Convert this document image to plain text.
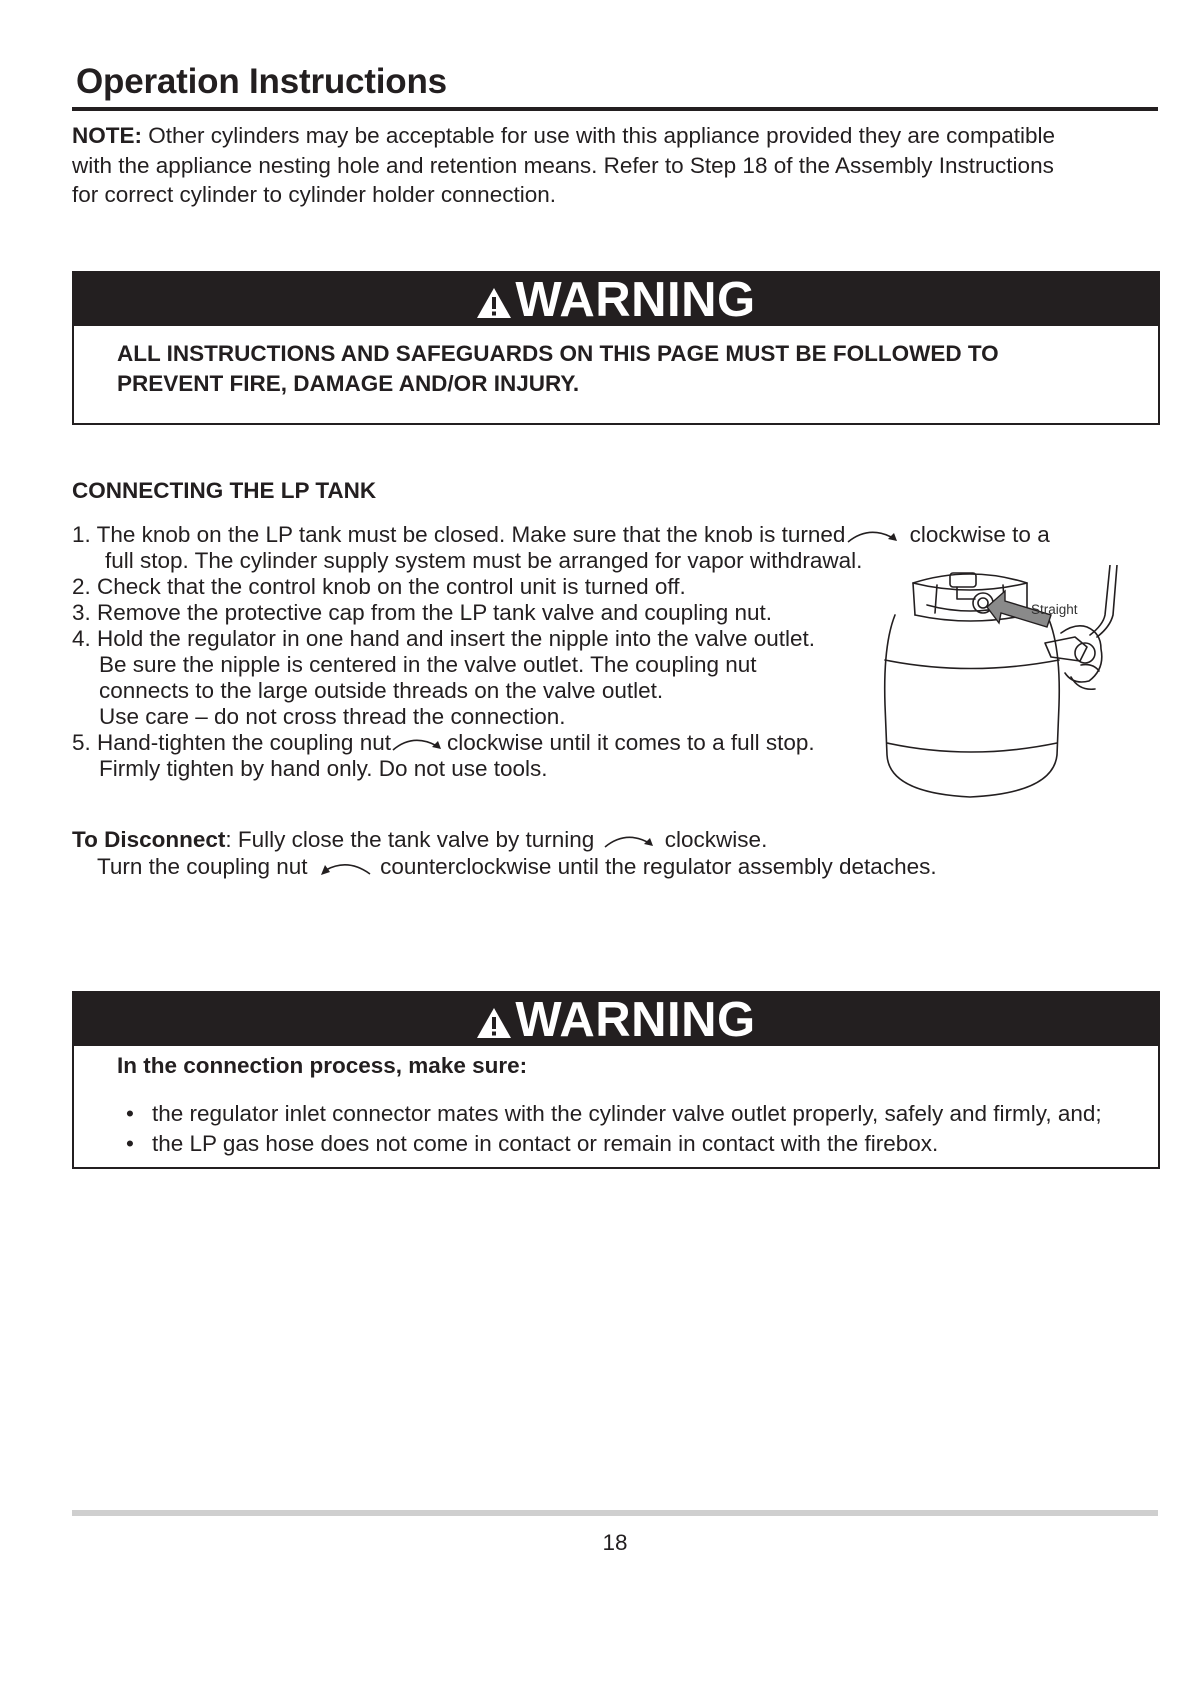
Operation Instructions
NOTE: Other cylinders may be acceptable for use with this appliance provided they are compatible
with the appliance nesting hole and retention means. Refer to Step 18 of the Assembly Instructions
for correct cylinder to cylinder holder connection.
WARNING
ALL INSTRUCTIONS AND SAFEGUARDS ON THIS PAGE MUST BE FOLLOWED TO
PREVENT FIRE, DAMAGE AND/OR INJURY.
CONNECTING THE LP TANK
1. The knob on the LP tank must be closed. Make sure that the knob is turned	clockwise to a
full stop. The cylinder supply system must be arranged for vapor withdrawal.
2. Check that the control knob on the control unit is turned off.
3. Remove the protective cap from the LP tank valve and coupling nut.
4. Hold the regulator in one hand and insert the nipple into the valve outlet.
Be sure the nipple is centered in the valve outlet. The coupling nut
connects to the large outside threads on the valve outlet.
Use care – do not cross thread the connection.
5. Hand-tighten the coupling nut clockwise until it comes to a full stop.
Firmly tighten by hand only. Do not use tools.
Straight
To Disconnect: Fully close the tank valve by turning	clockwise.
Turn the coupling nut	counterclockwise until the regulator assembly detaches.
WARNING
In the connection process, make sure:
• the regulator inlet connector mates with the cylinder valve outlet properly, safely and firmly, and;
• the LP gas hose does not come in contact or remain in contact with the firebox.
18
